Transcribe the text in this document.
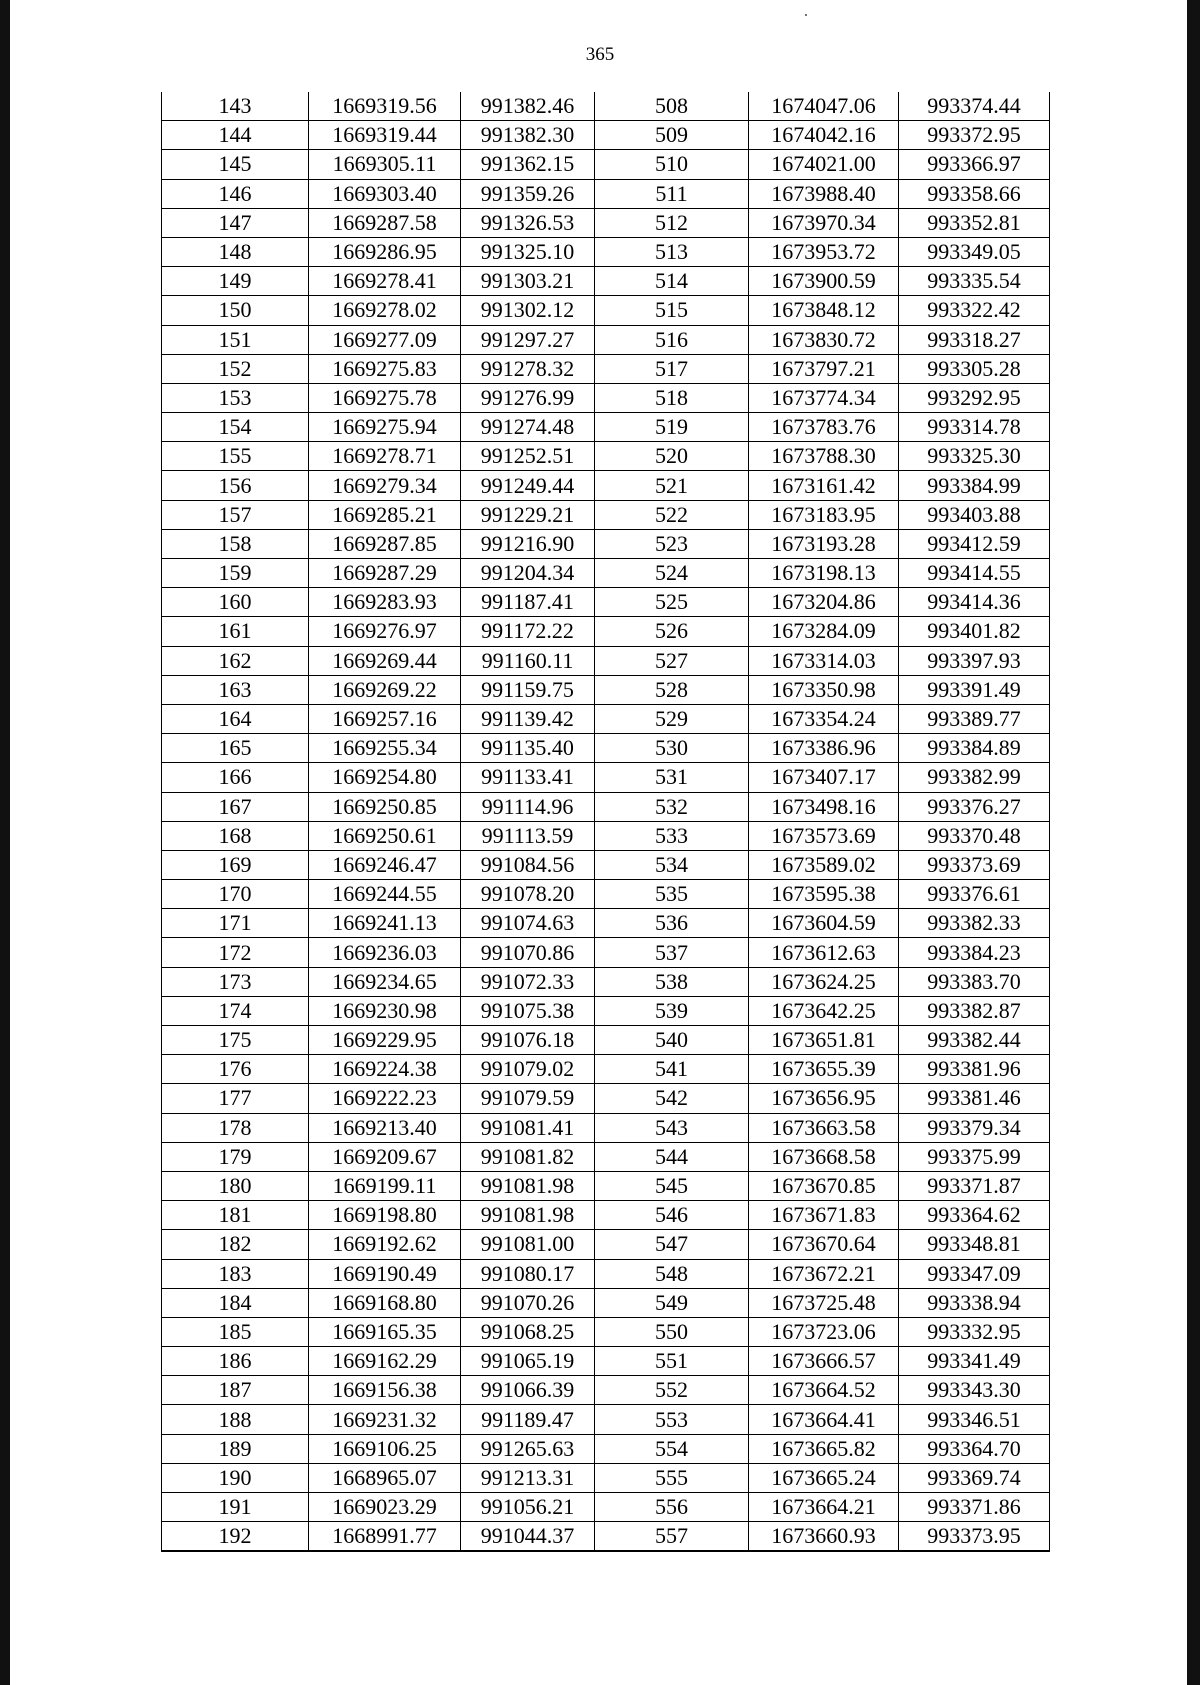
365
143	1669319.56	991382.46	508	1674047.06	993374.44
144	1669319.44	991382.30	509	1674042.16	993372.95
145	1669305.11	991362.15	510	1674021.00	993366.97
146	1669303.40	991359.26	511	1673988.40	993358.66
147	1669287.58	991326.53	512	1673970.34	993352.81
148	1669286.95	991325.10	513	1673953.72	993349.05
149	1669278.41	991303.21	514	1673900.59	993335.54
150	1669278.02	991302.12	515	1673848.12	993322.42
151	1669277.09	991297.27	516	1673830.72	993318.27
152	1669275.83	991278.32	517	1673797.21	993305.28
153	1669275.78	991276.99	518	1673774.34	993292.95
154	1669275.94	991274.48	519	1673783.76	993314.78
155	1669278.71	991252.51	520	1673788.30	993325.30
156	1669279.34	991249.44	521	1673161.42	993384.99
157	1669285.21	991229.21	522	1673183.95	993403.88
158	1669287.85	991216.90	523	1673193.28	993412.59
159	1669287.29	991204.34	524	1673198.13	993414.55
160	1669283.93	991187.41	525	1673204.86	993414.36
161	1669276.97	991172.22	526	1673284.09	993401.82
162	1669269.44	991160.11	527	1673314.03	993397.93
163	1669269.22	991159.75	528	1673350.98	993391.49
164	1669257.16	991139.42	529	1673354.24	993389.77
165	1669255.34	991135.40	530	1673386.96	993384.89
166	1669254.80	991133.41	531	1673407.17	993382.99
167	1669250.85	991114.96	532	1673498.16	993376.27
168	1669250.61	991113.59	533	1673573.69	993370.48
169	1669246.47	991084.56	534	1673589.02	993373.69
170	1669244.55	991078.20	535	1673595.38	993376.61
171	1669241.13	991074.63	536	1673604.59	993382.33
172	1669236.03	991070.86	537	1673612.63	993384.23
173	1669234.65	991072.33	538	1673624.25	993383.70
174	1669230.98	991075.38	539	1673642.25	993382.87
175	1669229.95	991076.18	540	1673651.81	993382.44
176	1669224.38	991079.02	541	1673655.39	993381.96
177	1669222.23	991079.59	542	1673656.95	993381.46
178	1669213.40	991081.41	543	1673663.58	993379.34
179	1669209.67	991081.82	544	1673668.58	993375.99
180	1669199.11	991081.98	545	1673670.85	993371.87
181	1669198.80	991081.98	546	1673671.83	993364.62
182	1669192.62	991081.00	547	1673670.64	993348.81
183	1669190.49	991080.17	548	1673672.21	993347.09
184	1669168.80	991070.26	549	1673725.48	993338.94
185	1669165.35	991068.25	550	1673723.06	993332.95
186	1669162.29	991065.19	551	1673666.57	993341.49
187	1669156.38	991066.39	552	1673664.52	993343.30
188	1669231.32	991189.47	553	1673664.41	993346.51
189	1669106.25	991265.63	554	1673665.82	993364.70
190	1668965.07	991213.31	555	1673665.24	993369.74
191	1669023.29	991056.21	556	1673664.21	993371.86
192	1668991.77	991044.37	557	1673660.93	993373.95
